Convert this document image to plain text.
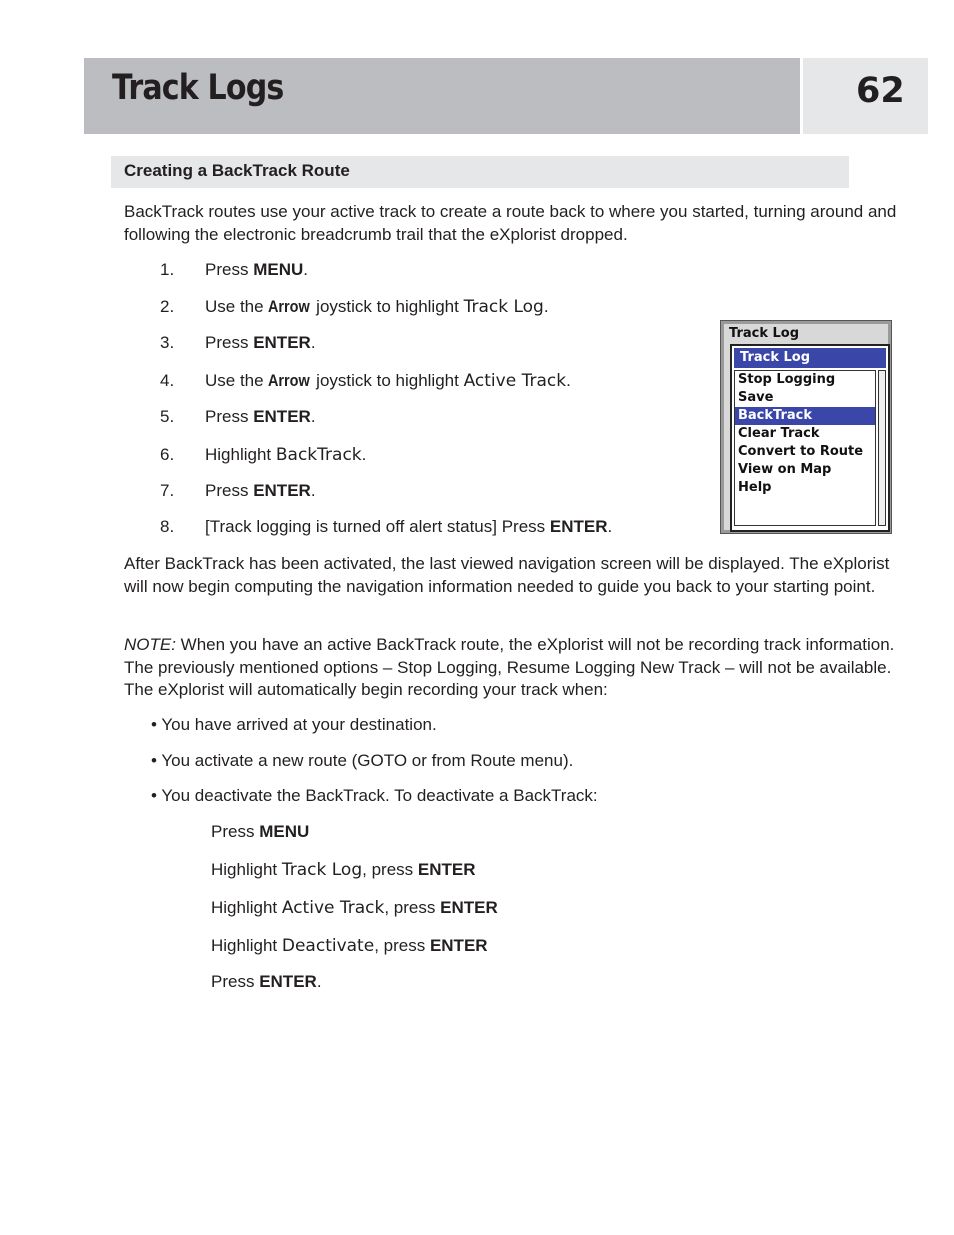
Track Logs	62
Creating a BackTrack Route

BackTrack routes use your active track to create a route back to where you started, turning around and following the electronic breadcrumb trail that the eXplorist dropped.

1. Press MENU.
2. Use the Arrow joystick to highlight Track Log.
3. Press ENTER.
4. Use the Arrow joystick to highlight Active Track.
5. Press ENTER.
6. Highlight BackTrack.
7. Press ENTER.
8. [Track logging is turned off alert status] Press ENTER.
Track Log
Track Log
Stop Logging
Save
BackTrack
Clear Track
Convert to Route
View on Map
Help

After BackTrack has been activated, the last viewed navigation screen will be displayed. The eXplorist will now begin computing the navigation information needed to guide you back to your starting point.

NOTE: When you have an active BackTrack route, the eXplorist will not be recording track information. The previously mentioned options – Stop Logging, Resume Logging New Track – will not be available. The eXplorist will automatically begin recording your track when:

• You have arrived at your destination.
• You activate a new route (GOTO or from Route menu).
• You deactivate the BackTrack. To deactivate a BackTrack:
Press MENU
Highlight Track Log, press ENTER
Highlight Active Track, press ENTER
Highlight Deactivate, press ENTER
Press ENTER.
